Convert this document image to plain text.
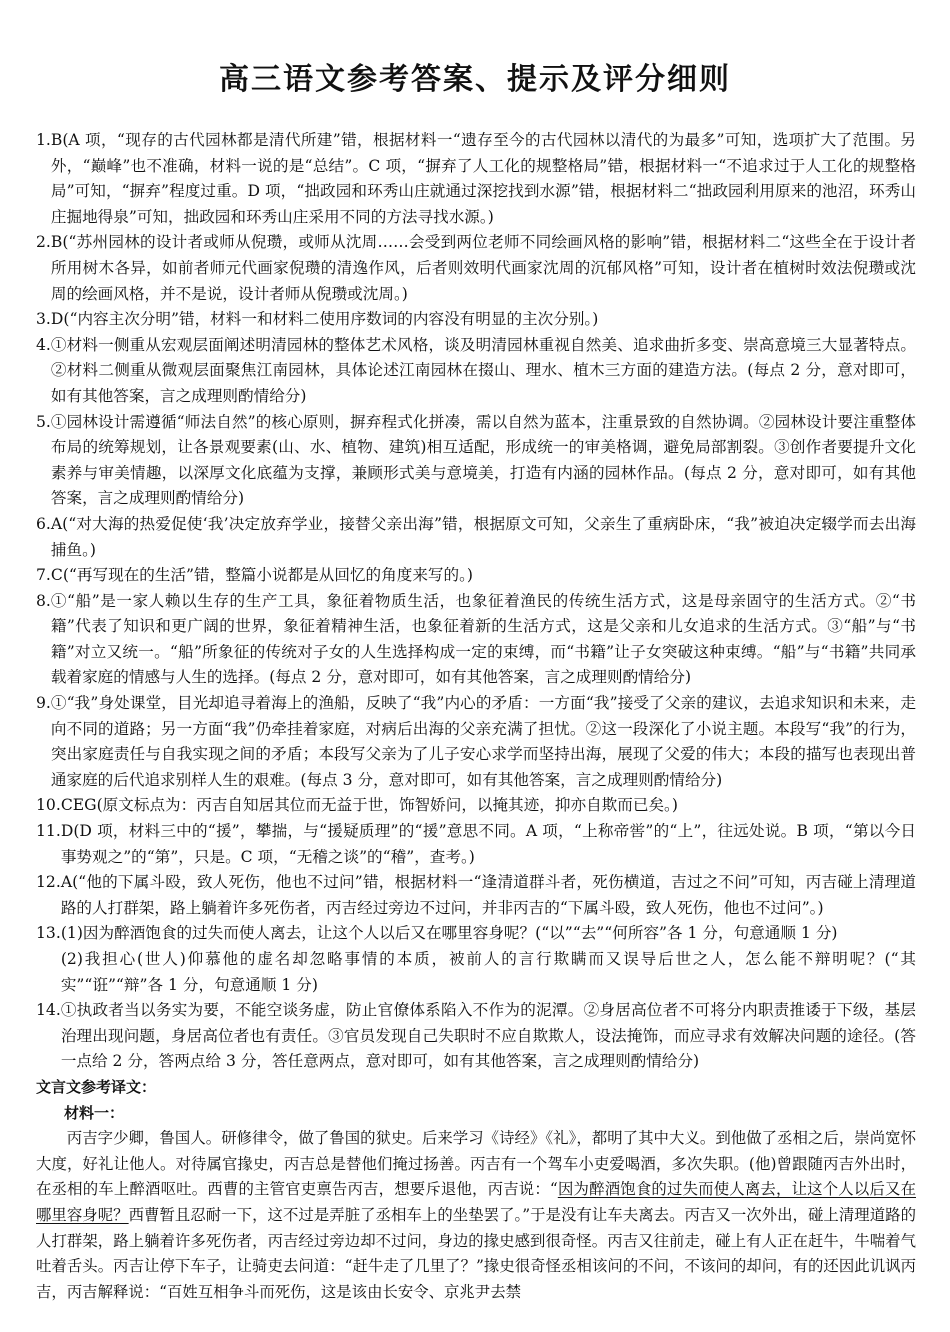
高三语文参考答案、提示及评分细则
1. B(A 项，“现存的古代园林都是清代所建”错，根据材料一“遗存至今的古代园林以清代的为最多”可知，选项扩大了范围。另外，“巅峰”也不准确，材料一说的是“总结”。C 项，“摒弃了人工化的规整格局”错，根据材料一“不追求过于人工化的规整格局”可知，“摒弃”程度过重。D 项，“拙政园和环秀山庄就通过深挖找到水源”错，根据材料二“拙政园利用原来的池沼，环秀山庄掘地得泉”可知，拙政园和环秀山庄采用不同的方法寻找水源。)
2. B(“苏州园林的设计者或师从倪瓒，或师从沈周……会受到两位老师不同绘画风格的影响”错，根据材料二“这些全在于设计者所用树木各异，如前者师元代画家倪瓒的清逸作风，后者则效明代画家沈周的沉郁风格”可知，设计者在植树时效法倪瓒或沈周的绘画风格，并不是说，设计者师从倪瓒或沈周。)
3. D(“内容主次分明”错，材料一和材料二使用序数词的内容没有明显的主次分别。)
4. ①材料一侧重从宏观层面阐述明清园林的整体艺术风格，谈及明清园林重视自然美、追求曲折多变、崇高意境三大显著特点。②材料二侧重从微观层面聚焦江南园林，具体论述江南园林在掇山、理水、植木三方面的建造方法。(每点 2 分，意对即可，如有其他答案，言之成理则酌情给分)
5. ①园林设计需遵循“师法自然”的核心原则，摒弃程式化拼凑，需以自然为蓝本，注重景致的自然协调。②园林设计要注重整体布局的统筹规划，让各景观要素(山、水、植物、建筑)相互适配，形成统一的审美格调，避免局部割裂。③创作者要提升文化素养与审美情趣，以深厚文化底蕴为支撑，兼顾形式美与意境美，打造有内涵的园林作品。(每点 2 分，意对即可，如有其他答案，言之成理则酌情给分)
6. A(“对大海的热爱促使‘我’决定放弃学业，接替父亲出海”错，根据原文可知，父亲生了重病卧床，“我”被迫决定辍学而去出海捕鱼。)
7. C(“再写现在的生活”错，整篇小说都是从回忆的角度来写的。)
8. ①“船”是一家人赖以生存的生产工具，象征着物质生活，也象征着渔民的传统生活方式，这是母亲固守的生活方式。②“书籍”代表了知识和更广阔的世界，象征着精神生活，也象征着新的生活方式，这是父亲和儿女追求的生活方式。③“船”与“书籍”对立又统一。“船”所象征的传统对子女的人生选择构成一定的束缚，而“书籍”让子女突破这种束缚。“船”与“书籍”共同承载着家庭的情感与人生的选择。(每点 2 分，意对即可，如有其他答案，言之成理则酌情给分)
9. ①“我”身处课堂，目光却追寻着海上的渔船，反映了“我”内心的矛盾：一方面“我”接受了父亲的建议，去追求知识和未来，走向不同的道路；另一方面“我”仍牵挂着家庭，对病后出海的父亲充满了担忧。②这一段深化了小说主题。本段写“我”的行为，突出家庭责任与自我实现之间的矛盾；本段写父亲为了儿子安心求学而坚持出海，展现了父爱的伟大；本段的描写也表现出普通家庭的后代追求别样人生的艰难。(每点 3 分，意对即可，如有其他答案，言之成理则酌情给分)
10. CEG(原文标点为：丙吉自知居其位而无益于世，饰智娇问，以掩其迹，抑亦自欺而已矣。)
11. D(D 项，材料三中的“援”，攀揣，与“援疑质理”的“援”意思不同。A 项，“上称帝喾”的“上”，往远处说。B 项，“第以今日事势观之”的“第”，只是。C 项，“无稽之谈”的“稽”，查考。)
12. A(“他的下属斗殴，致人死伤，他也不过问”错，根据材料一“逢清道群斗者，死伤横道，吉过之不问”可知，丙吉碰上清理道路的人打群架，路上躺着许多死伤者，丙吉经过旁边不过问，并非丙吉的“下属斗殴，致人死伤，他也不过问”。)
13. (1)因为醉酒饱食的过失而使人离去，让这个人以后又在哪里容身呢？(“以”“去”“何所容”各 1 分，句意通顺 1 分)
(2)我担心(世人)仰慕他的虚名却忽略事情的本质，被前人的言行欺瞒而又误导后世之人，怎么能不辩明呢？(“其实”“诳”“辩”各 1 分，句意通顺 1 分)
14. ①执政者当以务实为要，不能空谈务虚，防止官僚体系陷入不作为的泥潭。②身居高位者不可将分内职责推诿于下级，基层治理出现问题，身居高位者也有责任。③官员发现自己失职时不应自欺欺人，设法掩饰，而应寻求有效解决问题的途径。(答一点给 2 分，答两点给 3 分，答任意两点，意对即可，如有其他答案，言之成理则酌情给分)

文言文参考译文：

材料一：

丙吉字少卿，鲁国人。研修律令，做了鲁国的狱史。后来学习《诗经》《礼》，都明了其中大义。到他做了丞相之后，崇尚宽怀大度，好礼让他人。对待属官掾史，丙吉总是替他们掩过扬善。丙吉有一个驾车小吏爱喝酒，多次失职。(他)曾跟随丙吉外出时，在丞相的车上醉酒呕吐。西曹的主管官吏禀告丙吉，想要斥退他，丙吉说：“因为醉酒饱食的过失而使人离去，让这个人以后又在哪里容身呢？西曹暂且忍耐一下，这不过是弄脏了丞相车上的坐垫罢了。”于是没有让车夫离去。丙吉又一次外出，碰上清理道路的人打群架，路上躺着许多死伤者，丙吉经过旁边却不过问，身边的掾史感到很奇怪。丙吉又往前走，碰上有人正在赶牛，牛喘着气吐着舌头。丙吉让停下车子，让骑吏去问道：“赶牛走了几里了？”掾史很奇怪丞相该问的不问，不该问的却问，有的还因此讥讽丙吉，丙吉解释说：“百姓互相争斗而死伤，这是该由长安令、京兆尹去禁
